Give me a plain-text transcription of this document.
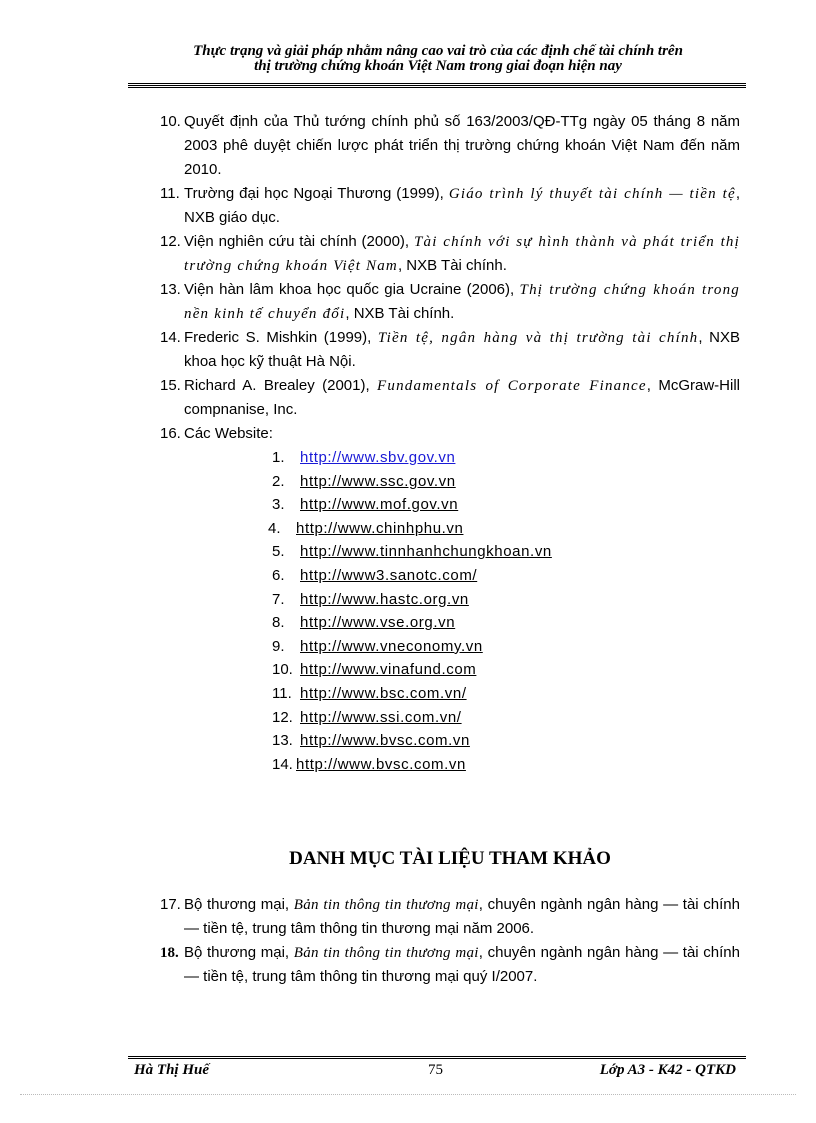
Thực trạng và giải pháp nhằm nâng cao vai trò của các định chế tài chính trên
thị trường chứng khoán Việt Nam trong giai đoạn hiện nay
10. Quyết định của Thủ tướng chính phủ số 163/2003/QĐ-TTg ngày 05 tháng 8 năm 2003 phê duyệt chiến lược phát triển thị trường chứng khoán Việt Nam đến năm 2010.
11. Trường đại học Ngoại Thương (1999), Giáo trình lý thuyết tài chính — tiền tệ, NXB giáo dục.
12. Viện nghiên cứu tài chính (2000), Tài chính với sự hình thành và phát triển thị trường chứng khoán Việt Nam, NXB Tài chính.
13. Viện hàn lâm khoa học quốc gia Ucraine (2006), Thị trường chứng khoán trong nền kinh tế chuyển đổi, NXB Tài chính.
14. Frederic S. Mishkin (1999), Tiền tệ, ngân hàng và thị trường tài chính, NXB khoa học kỹ thuật Hà Nội.
15. Richard A. Brealey (2001), Fundamentals of Corporate Finance, McGraw-Hill compnanise, Inc.
16. Các Website:
1. http://www.sbv.gov.vn
2. http://www.ssc.gov.vn
3. http://www.mof.gov.vn
4. http://www.chinhphu.vn
5. http://www.tinnhanhchungkhoan.vn
6. http://www3.sanotc.com/
7. http://www.hastc.org.vn
8. http://www.vse.org.vn
9. http://www.vneconomy.vn
10. http://www.vinafund.com
11. http://www.bsc.com.vn/
12. http://www.ssi.com.vn/
13. http://www.bvsc.com.vn
14. http://www.bvsc.com.vn
DANH MỤC TÀI LIỆU THAM KHẢO
17. Bộ thương mại, Bản tin thông tin thương mại, chuyên ngành ngân hàng — tài chính — tiền tệ, trung tâm thông tin thương mại năm 2006.
18. Bộ thương mại, Bản tin thông tin thương mại, chuyên ngành ngân hàng — tài chính — tiền tệ, trung tâm thông tin thương mại quý I/2007.
Hà Thị Huế	75	Lớp A3 - K42 - QTKD
